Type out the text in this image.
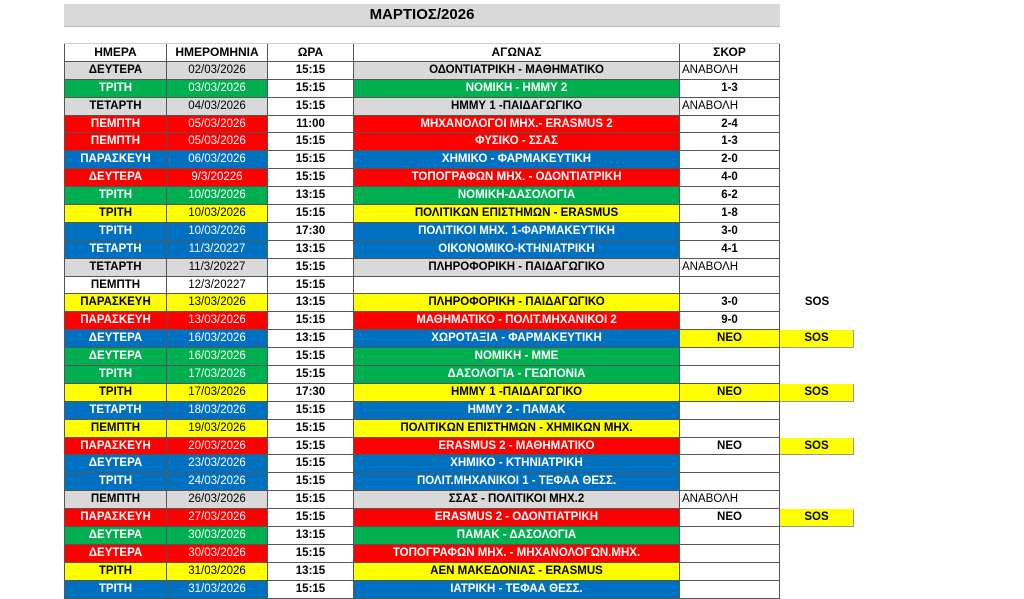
ΜΑΡΤΙΟΣ/2026
ΗΜΕΡΑ	ΗΜΕΡΟΜΗΝΙΑ	ΩΡΑ	ΑΓΩΝΑΣ	ΣΚΟΡ
ΔΕΥΤΕΡΑ	02/03/2026	15:15	ΟΔΟΝΤΙΑΤΡΙΚΗ - ΜΑΘΗΜΑΤΙΚΟ	ΑΝΑΒΟΛΗ
ΤΡΙΤΗ	03/03/2026	15:15	ΝΟΜΙΚΗ - ΗΜΜΥ 2	1-3
ΤΕΤΑΡΤΗ	04/03/2026	15:15	ΗΜΜΥ 1 -ΠΑΙΔΑΓΩΓΙΚΟ	ΑΝΑΒΟΛΗ
ΠΕΜΠΤΗ	05/03/2026	11:00	ΜΗΧΑΝΟΛΟΓΟΙ ΜΗΧ.- ERASMUS 2	2-4
ΠΕΜΠΤΗ	05/03/2026	15:15	ΦΥΣΙΚΟ - ΣΣΑΣ	1-3
ΠΑΡΑΣΚΕΥΗ	06/03/2026	15:15	ΧΗΜΙΚΟ - ΦΑΡΜΑΚΕΥΤΙΚΗ	2-0
ΔΕΥΤΕΡΑ	9/3/20226	15:15	ΤΟΠΟΓΡΑΦΩΝ ΜΗΧ. - ΟΔΟΝΤΙΑΤΡΙΚΗ	4-0
ΤΡΙΤΗ	10/03/2026	13:15	ΝΟΜΙΚΗ-ΔΑΣΟΛΟΓΙΑ	6-2
ΤΡΙΤΗ	10/03/2026	15:15	ΠΟΛΙΤΙΚΩΝ ΕΠΙΣΤΗΜΩΝ - ERASMUS	1-8
ΤΡΙΤΗ	10/03/2026	17:30	ΠΟΛΙΤΙΚΟΙ ΜΗΧ. 1-ΦΑΡΜΑΚΕΥΤΙΚΗ	3-0
ΤΕΤΑΡΤΗ	11/3/20227	13:15	ΟΙΚΟΝΟΜΙΚΟ-ΚΤΗΝΙΑΤΡΙΚΗ	4-1
ΤΕΤΑΡΤΗ	11/3/20227	15:15	ΠΛΗΡΟΦΟΡΙΚΗ - ΠΑΙΔΑΓΩΓΙΚΟ	ΑΝΑΒΟΛΗ
ΠΕΜΠΤΗ	12/3/20227	15:15
ΠΑΡΑΣΚΕΥΗ	13/03/2026	13:15	ΠΛΗΡΟΦΟΡΙΚΗ - ΠΑΙΔΑΓΩΓΙΚΟ	3-0	SOS
ΠΑΡΑΣΚΕΥΗ	13/03/2026	15:15	ΜΑΘΗΜΑΤΙΚΟ - ΠΟΛΙΤ.ΜΗΧΑΝΙΚΟΙ 2	9-0
ΔΕΥΤΕΡΑ	16/03/2026	13:15	ΧΩΡΟΤΑΞΙΑ - ΦΑΡΜΑΚΕΥΤΙΚΗ	ΝΕΟ	SOS
ΔΕΥΤΕΡΑ	16/03/2026	15:15	ΝΟΜΙΚΗ - ΜΜΕ
ΤΡΙΤΗ	17/03/2026	15:15	ΔΑΣΟΛΟΓΙΑ - ΓΕΩΠΟΝΙΑ
ΤΡΙΤΗ	17/03/2026	17:30	ΗΜΜΥ 1 -ΠΑΙΔΑΓΩΓΙΚΟ	ΝΕΟ	SOS
ΤΕΤΑΡΤΗ	18/03/2026	15:15	ΗΜΜΥ 2 - ΠΑΜΑΚ
ΠΕΜΠΤΗ	19/03/2026	15:15	ΠΟΛΙΤΙΚΩΝ ΕΠΙΣΤΗΜΩΝ - ΧΗΜΙΚΩΝ ΜΗΧ.
ΠΑΡΑΣΚΕΥΗ	20/03/2026	15:15	ERASMUS 2 - ΜΑΘΗΜΑΤΙΚΟ	ΝΕΟ	SOS
ΔΕΥΤΕΡΑ	23/03/2026	15:15	ΧΗΜΙΚΟ - ΚΤΗΝΙΑΤΡΙΚΗ
ΤΡΙΤΗ	24/03/2026	15:15	ΠΟΛΙΤ.ΜΗΧΑΝΙΚΟΙ 1 - ΤΕΦΑΑ ΘΕΣΣ.
ΠΕΜΠΤΗ	26/03/2026	15:15	ΣΣΑΣ - ΠΟΛΙΤΙΚΟΙ ΜΗΧ.2	ΑΝΑΒΟΛΗ
ΠΑΡΑΣΚΕΥΗ	27/03/2026	15:15	ERASMUS 2 - ΟΔΟΝΤΙΑΤΡΙΚΗ	ΝΕΟ	SOS
ΔΕΥΤΕΡΑ	30/03/2026	13:15	ΠΑΜΑΚ - ΔΑΣΟΛΟΓΙΑ
ΔΕΥΤΕΡΑ	30/03/2026	15:15	ΤΟΠΟΓΡΑΦΩΝ ΜΗΧ. - ΜΗΧΑΝΟΛΟΓΩΝ.ΜΗΧ.
ΤΡΙΤΗ	31/03/2026	13:15	ΑΕΝ ΜΑΚΕΔΟΝΙΑΣ - ERASMUS
ΤΡΙΤΗ	31/03/2026	15:15	ΙΑΤΡΙΚΗ - ΤΕΦΑΑ ΘΕΣΣ.
